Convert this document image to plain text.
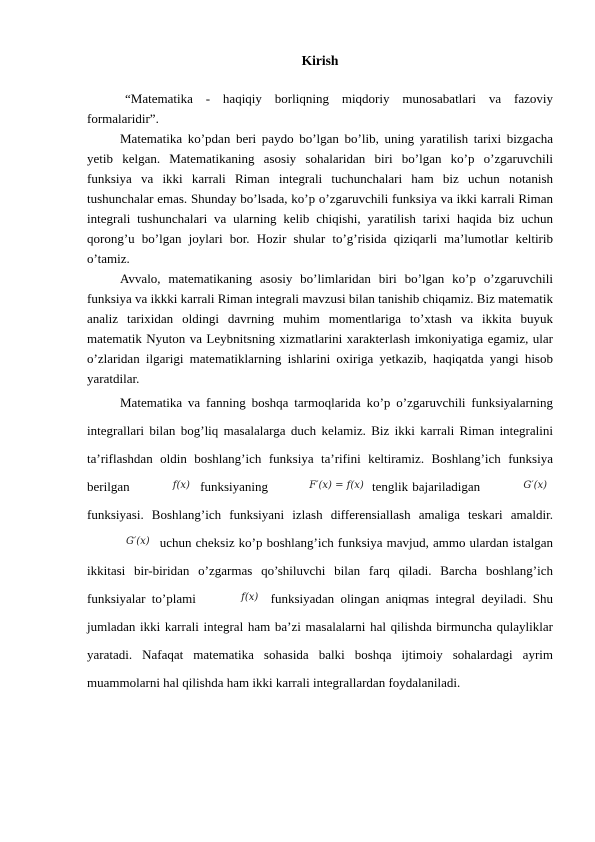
Kirish

“Matematika - haqiqiy borliqning miqdoriy munosabatlari va fazoviy formalaridir”.

Matematika ko’pdan beri paydo bo’lgan bo’lib, uning yaratilish tarixi bizgacha yetib kelgan. Matematikaning asosiy sohalaridan biri bo’lgan ko’p o’zgaruvchili funksiya va ikki karrali Riman integrali tuchunchalari ham biz uchun notanish tushunchalar emas. Shunday bo’lsada, ko’p o’zgaruvchili funksiya va ikki karrali Riman integrali tushunchalari va ularning kelib chiqishi, yaratilish tarixi haqida biz uchun qorong’u bo’lgan joylari bor. Hozir shular to’g’risida qiziqarli ma’lumotlar keltirib o’tamiz.

Avvalo, matematikaning asosiy bo’limlaridan biri bo’lgan ko’p o’zgaruvchili funksiya va ikkki karrali Riman integrali mavzusi bilan tanishib chiqamiz. Biz matematik analiz tarixidan oldingi davrning muhim momentlariga to’xtash va ikkita buyuk matematik Nyuton va Leybnitsning xizmatlarini xarakterlash imkoniyatiga egamiz, ular o’zlaridan ilgarigi matematiklarning ishlarini oxiriga yetkazib, haqiqatda yangi hisob yaratdilar.

Matematika va fanning boshqa tarmoqlarida ko’p o’zgaruvchili funksiyalarning integrallari bilan bog’liq masalalarga duch kelamiz. Biz ikki karrali Riman integralini ta’riflashdan oldin boshlang’ich funksiya ta’rifini keltiramiz. Boshlang’ich funksiya berilgan	f(x) funksiyaning	F′(x) = f(x) tenglik bajariladigan	G′(x) funksiyasi. Boshlang’ich funksiyani izlash differensiallash amaliga teskari amaldir. G′(x) uchun cheksiz ko’p boshlang’ich funksiya mavjud, ammo ulardan istalgan ikkitasi bir-biridan o’zgarmas qo’shiluvchi bilan farq qiladi. Barcha boshlang’ich funksiyalar to’plami	f(x) funksiyadan olingan aniqmas integral deyiladi. Shu jumladan ikki karrali integral ham ba’zi masalalarni hal qilishda birmuncha qulayliklar yaratadi. Nafaqat matematika sohasida balki boshqa ijtimoiy sohalardagi ayrim muammolarni hal qilishda ham ikki karrali integrallardan foydalaniladi.
